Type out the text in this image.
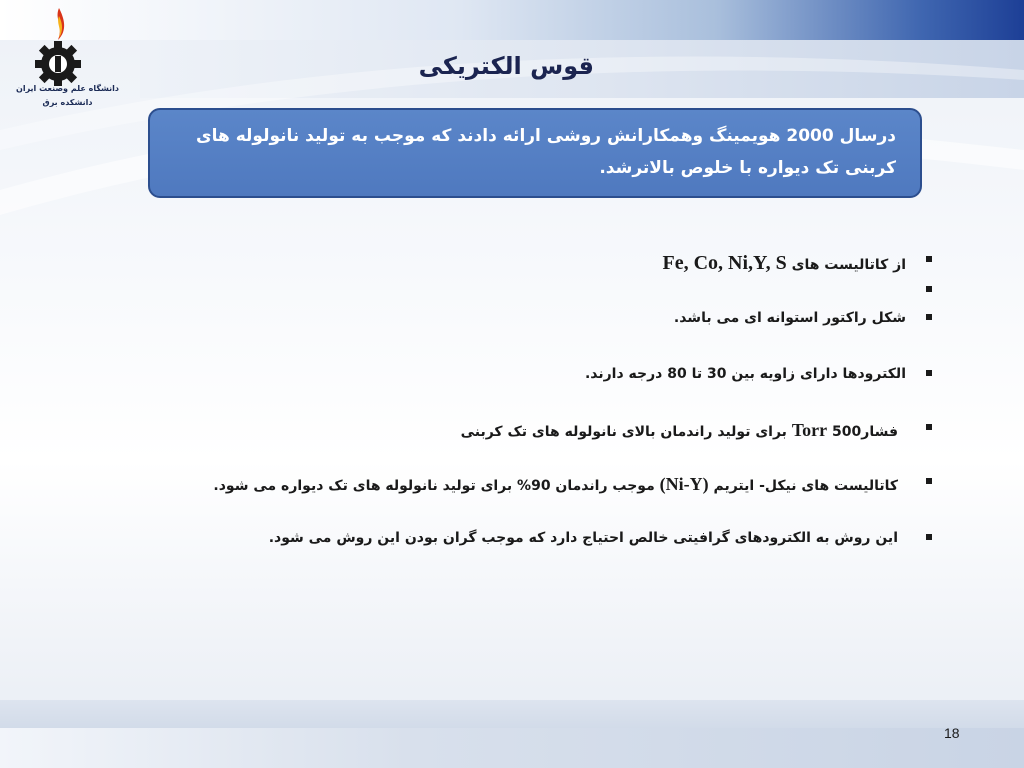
دانشگاه علم وصنعت ایران
دانشکده برق
قوس الکتریکی
درسال 2000 هویمینگ وهمکارانش روشی ارائه دادند که موجب به تولید نانولوله های
کربنی تک دیواره با خلوص بالاترشد.
از کاتالیست های Fe, Co, Ni,Y, S
شکل راکتور استوانه ای می باشد.
الکترودها دارای زاویه بین 30 تا 80 درجه دارند.
فشار500 Torr برای تولید راندمان بالای نانولوله های تک کربنی
کاتالیست های نیکل- ایتریم (Ni-Y) موجب راندمان 90% برای تولید نانولوله های تک دیواره می شود.
این روش به الکترودهای گرافیتی خالص احتیاج دارد که موجب گران بودن این روش می شود.
18
